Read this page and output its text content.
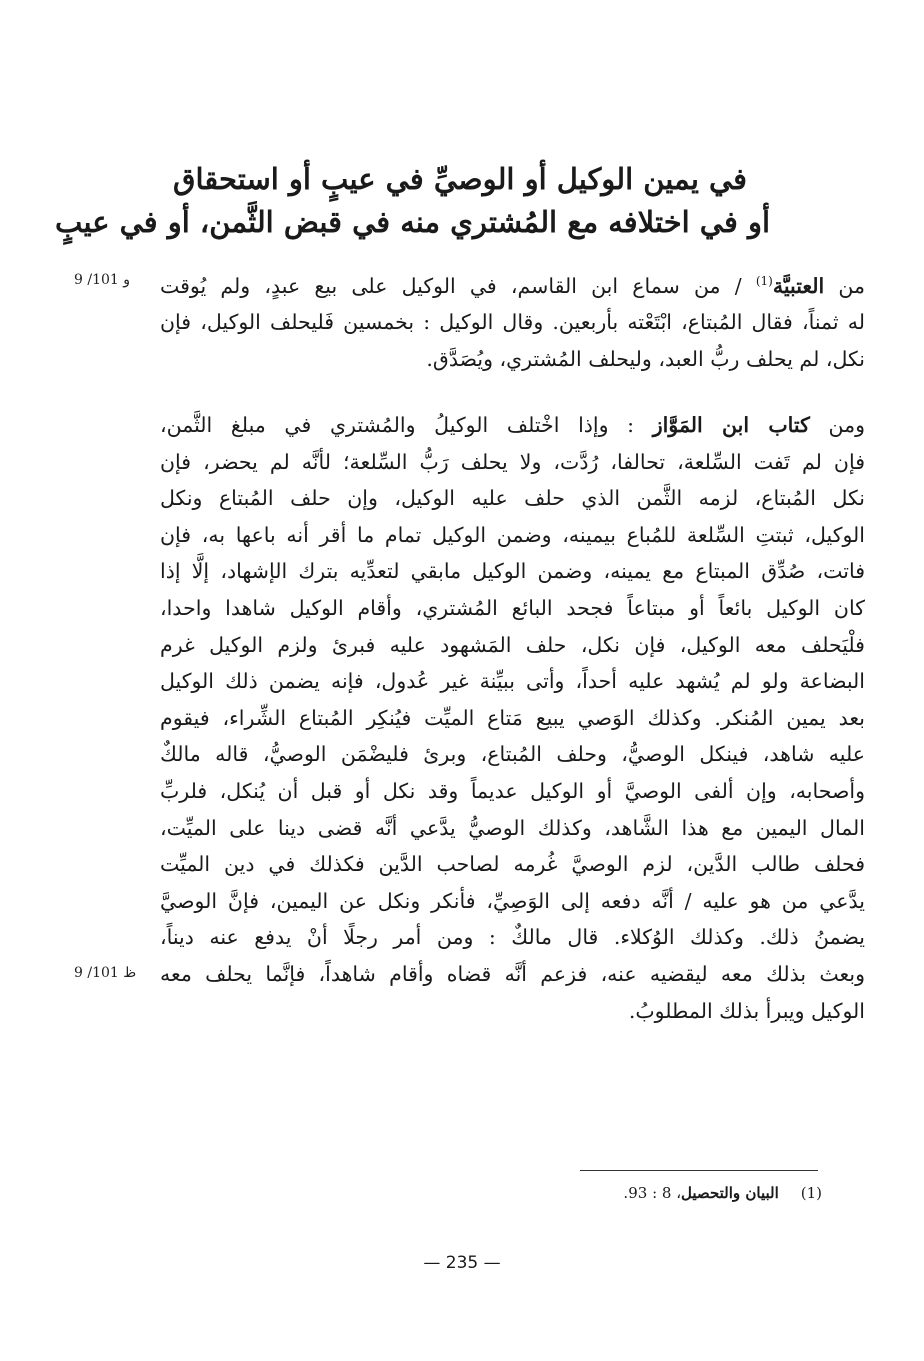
في يمين الوكيل أو الوصيِّ في عيبٍ أو استحقاق
أو في اختلافه مع المُشتري منه في قبض الثَّمن، أو في عيبٍ
9 /101 و	من العتبيَّة$^{(1)}$ / من سماع ابن القاسم، في الوكيل على بيع عبدٍ، ولم يُوقت
له ثمناً، فقال المُبتاع، ابْتَعْته بأربعين. وقال الوكيل : بخمسين فَليحلف الوكيل، فإن
نكل، لم يحلف ربُّ العبد، وليحلف المُشتري، ويُصَدَّق.
ومن كتاب ابن المَوَّاز : وإذا اخْتلف الوكيلُ والمُشتري في مبلغ الثَّمن،
فإن لم تَفت السِّلعة، تحالفا، رُدَّت، ولا يحلف رَبُّ السِّلعة؛ لأنَّه لم يحضر، فإن
نكل المُبتاع، لزمه الثَّمن الذي حلف عليه الوكيل، وإن حلف المُبتاع ونكل
الوكيل، ثبتتِ السِّلعة للمُباع بيمينه، وضمن الوكيل تمام ما أقر أنه باعها به، فإن
فاتت، صُدِّق المبتاع مع يمينه، وضمن الوكيل مابقي لتعدِّيه بترك الإشهاد، إلَّا إذا
كان الوكيل بائعاً أو مبتاعاً فجحد البائع المُشتري، وأقام الوكيل شاهدا واحدا،
فلْيَحلف معه الوكيل، فإن نكل، حلف المَشهود عليه فبرئ ولزم الوكيل غرم
البضاعة ولو لم يُشهد عليه أحداً، وأتى ببيِّنة غير عُدول، فإنه يضمن ذلك الوكيل
بعد يمين المُنكر. وكذلك الوَصي يبيع مَتاع الميِّت فيُنكِر المُبتاع الشِّراء، فيقوم
عليه شاهد، فينكل الوصيُّ، وحلف المُبتاع، وبرئ فليضْمَن الوصيُّ، قاله مالكٌ
وأصحابه، وإن ألفى الوصيَّ أو الوكيل عديماً وقد نكل أو قبل أن يُنكل، فلربِّ
المال اليمين مع هذا الشَّاهد، وكذلك الوصيُّ يدَّعي أنَّه قضى دينا على الميِّت،
فحلف طالب الدَّين، لزم الوصيَّ غُرمه لصاحب الدَّين فكذلك في دين الميِّت
يدَّعي من هو عليه / أنَّه دفعه إلى الوَصِيِّ، فأنكر ونكل عن اليمين، فإنَّ الوصيَّ
يضمنُ ذلك. وكذلك الوُكلاء. قال مالكٌ : ومن أمر رجلًا أنْ يدفع عنه ديناً،
وبعث بذلك معه ليقضيه عنه، فزعم أنَّه قضاه وأقام شاهداً، فإنَّما يحلف معه
الوكيل ويبرأ بذلك المطلوبُ.
9 /101 ظ
(1)البيان والتحصيل، 8 : 93.
— 235 —
